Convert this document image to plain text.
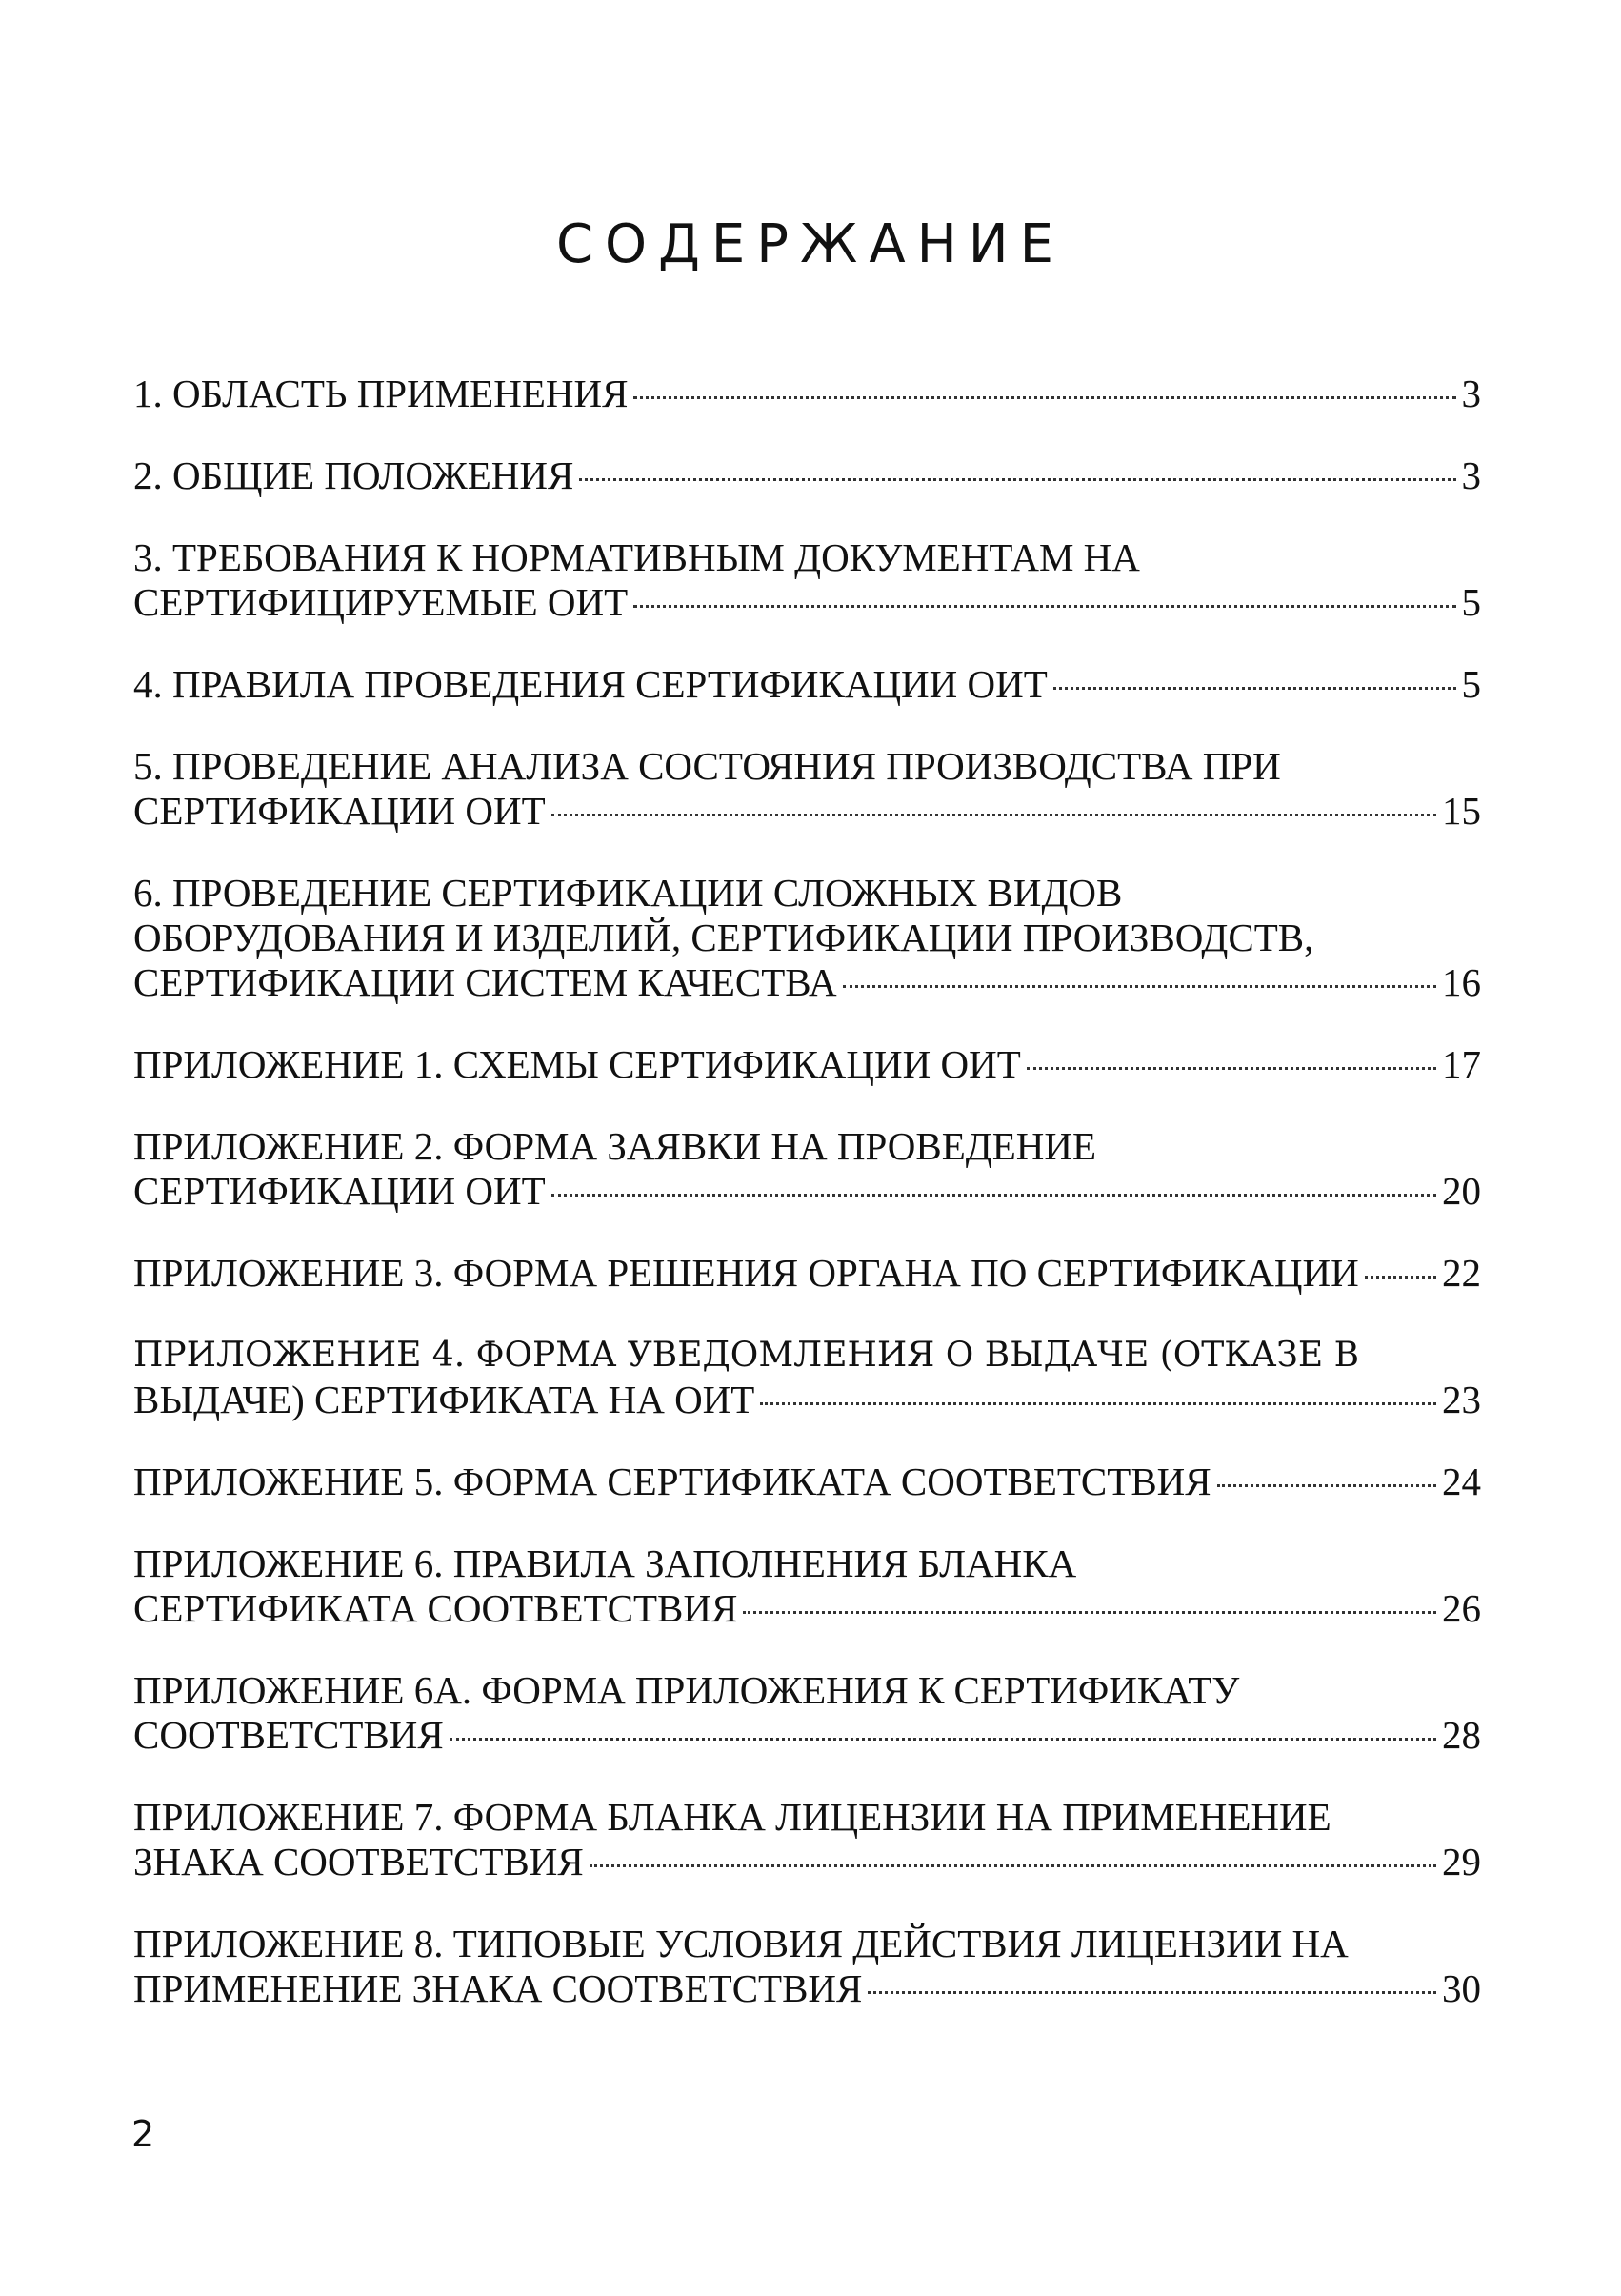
СОДЕРЖАНИЕ
1. ОБЛАСТЬ ПРИМЕНЕНИЯ	3
2. ОБЩИЕ ПОЛОЖЕНИЯ	3
3. ТРЕБОВАНИЯ К НОРМАТИВНЫМ ДОКУМЕНТАМ НА
СЕРТИФИЦИРУЕМЫЕ ОИТ	5
4. ПРАВИЛА ПРОВЕДЕНИЯ СЕРТИФИКАЦИИ ОИТ	5
5. ПРОВЕДЕНИЕ АНАЛИЗА СОСТОЯНИЯ ПРОИЗВОДСТВА ПРИ
СЕРТИФИКАЦИИ ОИТ	15
6. ПРОВЕДЕНИЕ СЕРТИФИКАЦИИ СЛОЖНЫХ ВИДОВ
ОБОРУДОВАНИЯ И ИЗДЕЛИЙ, СЕРТИФИКАЦИИ ПРОИЗВОДСТВ,
СЕРТИФИКАЦИИ СИСТЕМ КАЧЕСТВА	16
ПРИЛОЖЕНИЕ 1. СХЕМЫ СЕРТИФИКАЦИИ ОИТ	17
ПРИЛОЖЕНИЕ 2. ФОРМА ЗАЯВКИ НА ПРОВЕДЕНИЕ
СЕРТИФИКАЦИИ ОИТ	20
ПРИЛОЖЕНИЕ 3. ФОРМА РЕШЕНИЯ ОРГАНА ПО СЕРТИФИКАЦИИ 22
ПРИЛОЖЕНИЕ 4. ФОРМА УВЕДОМЛЕНИЯ О ВЫДАЧЕ (ОТКАЗЕ В
ВЫДАЧЕ) СЕРТИФИКАТА НА ОИТ	23
ПРИЛОЖЕНИЕ 5. ФОРМА СЕРТИФИКАТА СООТВЕТСТВИЯ	24
ПРИЛОЖЕНИЕ 6. ПРАВИЛА ЗАПОЛНЕНИЯ БЛАНКА
СЕРТИФИКАТА СООТВЕТСТВИЯ	26
ПРИЛОЖЕНИЕ 6А. ФОРМА ПРИЛОЖЕНИЯ К СЕРТИФИКАТУ
СООТВЕТСТВИЯ	28
ПРИЛОЖЕНИЕ 7. ФОРМА БЛАНКА ЛИЦЕНЗИИ НА ПРИМЕНЕНИЕ
ЗНАКА СООТВЕТСТВИЯ	29
ПРИЛОЖЕНИЕ 8. ТИПОВЫЕ УСЛОВИЯ ДЕЙСТВИЯ ЛИЦЕНЗИИ НА
ПРИМЕНЕНИЕ ЗНАКА СООТВЕТСТВИЯ	30

2
